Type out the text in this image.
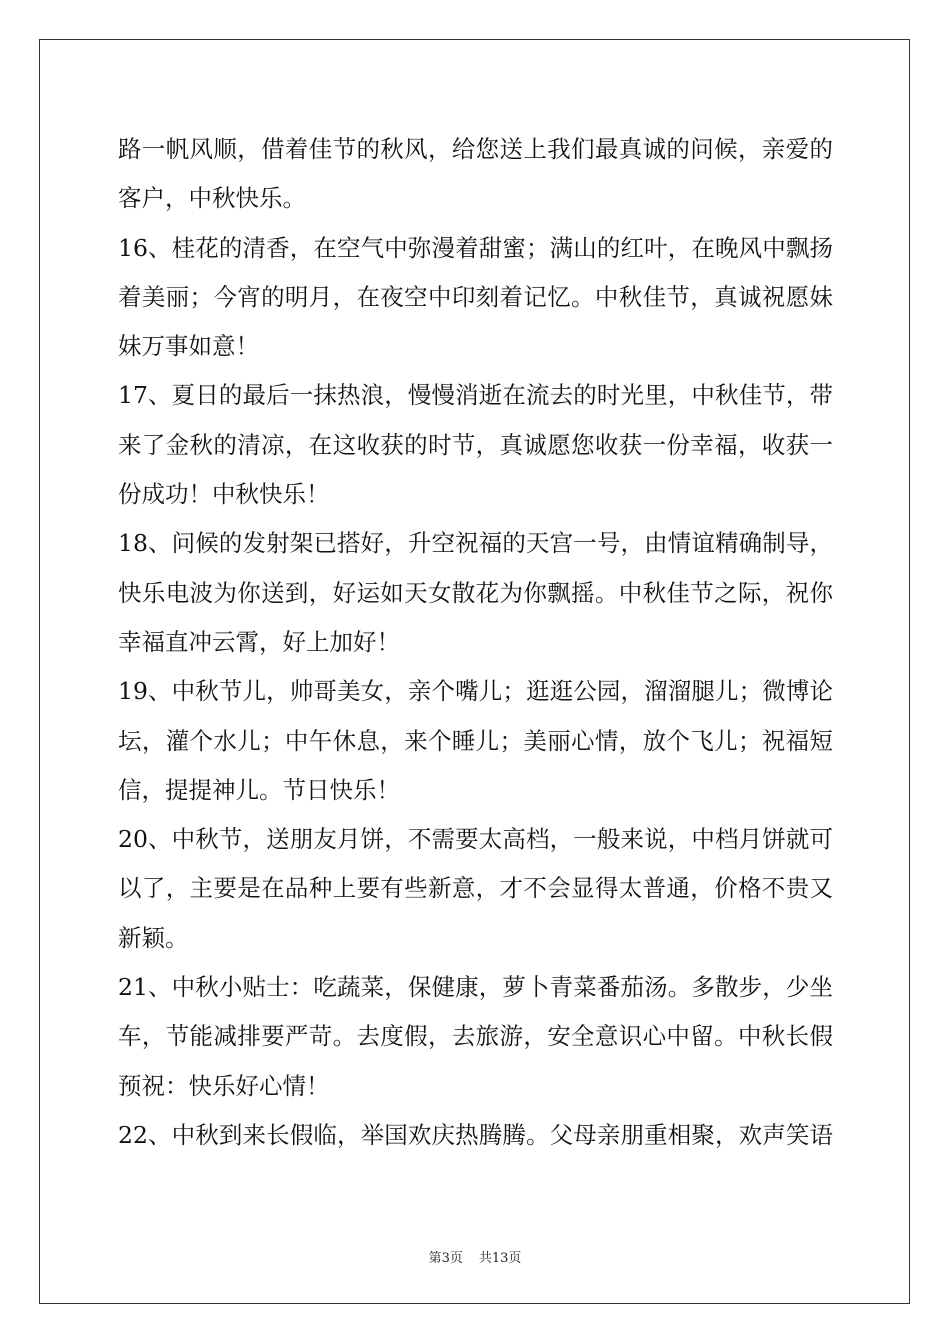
路一帆风顺，借着佳节的秋风，给您送上我们最真诚的问候，亲爱的
客户，中秋快乐。
16、桂花的清香，在空气中弥漫着甜蜜；满山的红叶，在晚风中飘扬
着美丽；今宵的明月，在夜空中印刻着记忆。中秋佳节，真诚祝愿妹
妹万事如意！
17、夏日的最后一抹热浪，慢慢消逝在流去的时光里，中秋佳节，带
来了金秋的清凉，在这收获的时节，真诚愿您收获一份幸福，收获一
份成功！中秋快乐！
18、问候的发射架已搭好，升空祝福的天宫一号，由情谊精确制导，
快乐电波为你送到，好运如天女散花为你飘摇。中秋佳节之际，祝你
幸福直冲云霄，好上加好！
19、中秋节儿，帅哥美女，亲个嘴儿；逛逛公园，溜溜腿儿；微博论
坛，灌个水儿；中午休息，来个睡儿；美丽心情，放个飞儿；祝福短
信，提提神儿。节日快乐！
20、中秋节，送朋友月饼，不需要太高档，一般来说，中档月饼就可
以了，主要是在品种上要有些新意，才不会显得太普通，价格不贵又
新颖。
21、中秋小贴士：吃蔬菜，保健康，萝卜青菜番茄汤。多散步，少坐
车，节能减排要严苛。去度假，去旅游，安全意识心中留。中秋长假
预祝：快乐好心情！
22、中秋到来长假临，举国欢庆热腾腾。父母亲朋重相聚，欢声笑语
第3页 共13页
